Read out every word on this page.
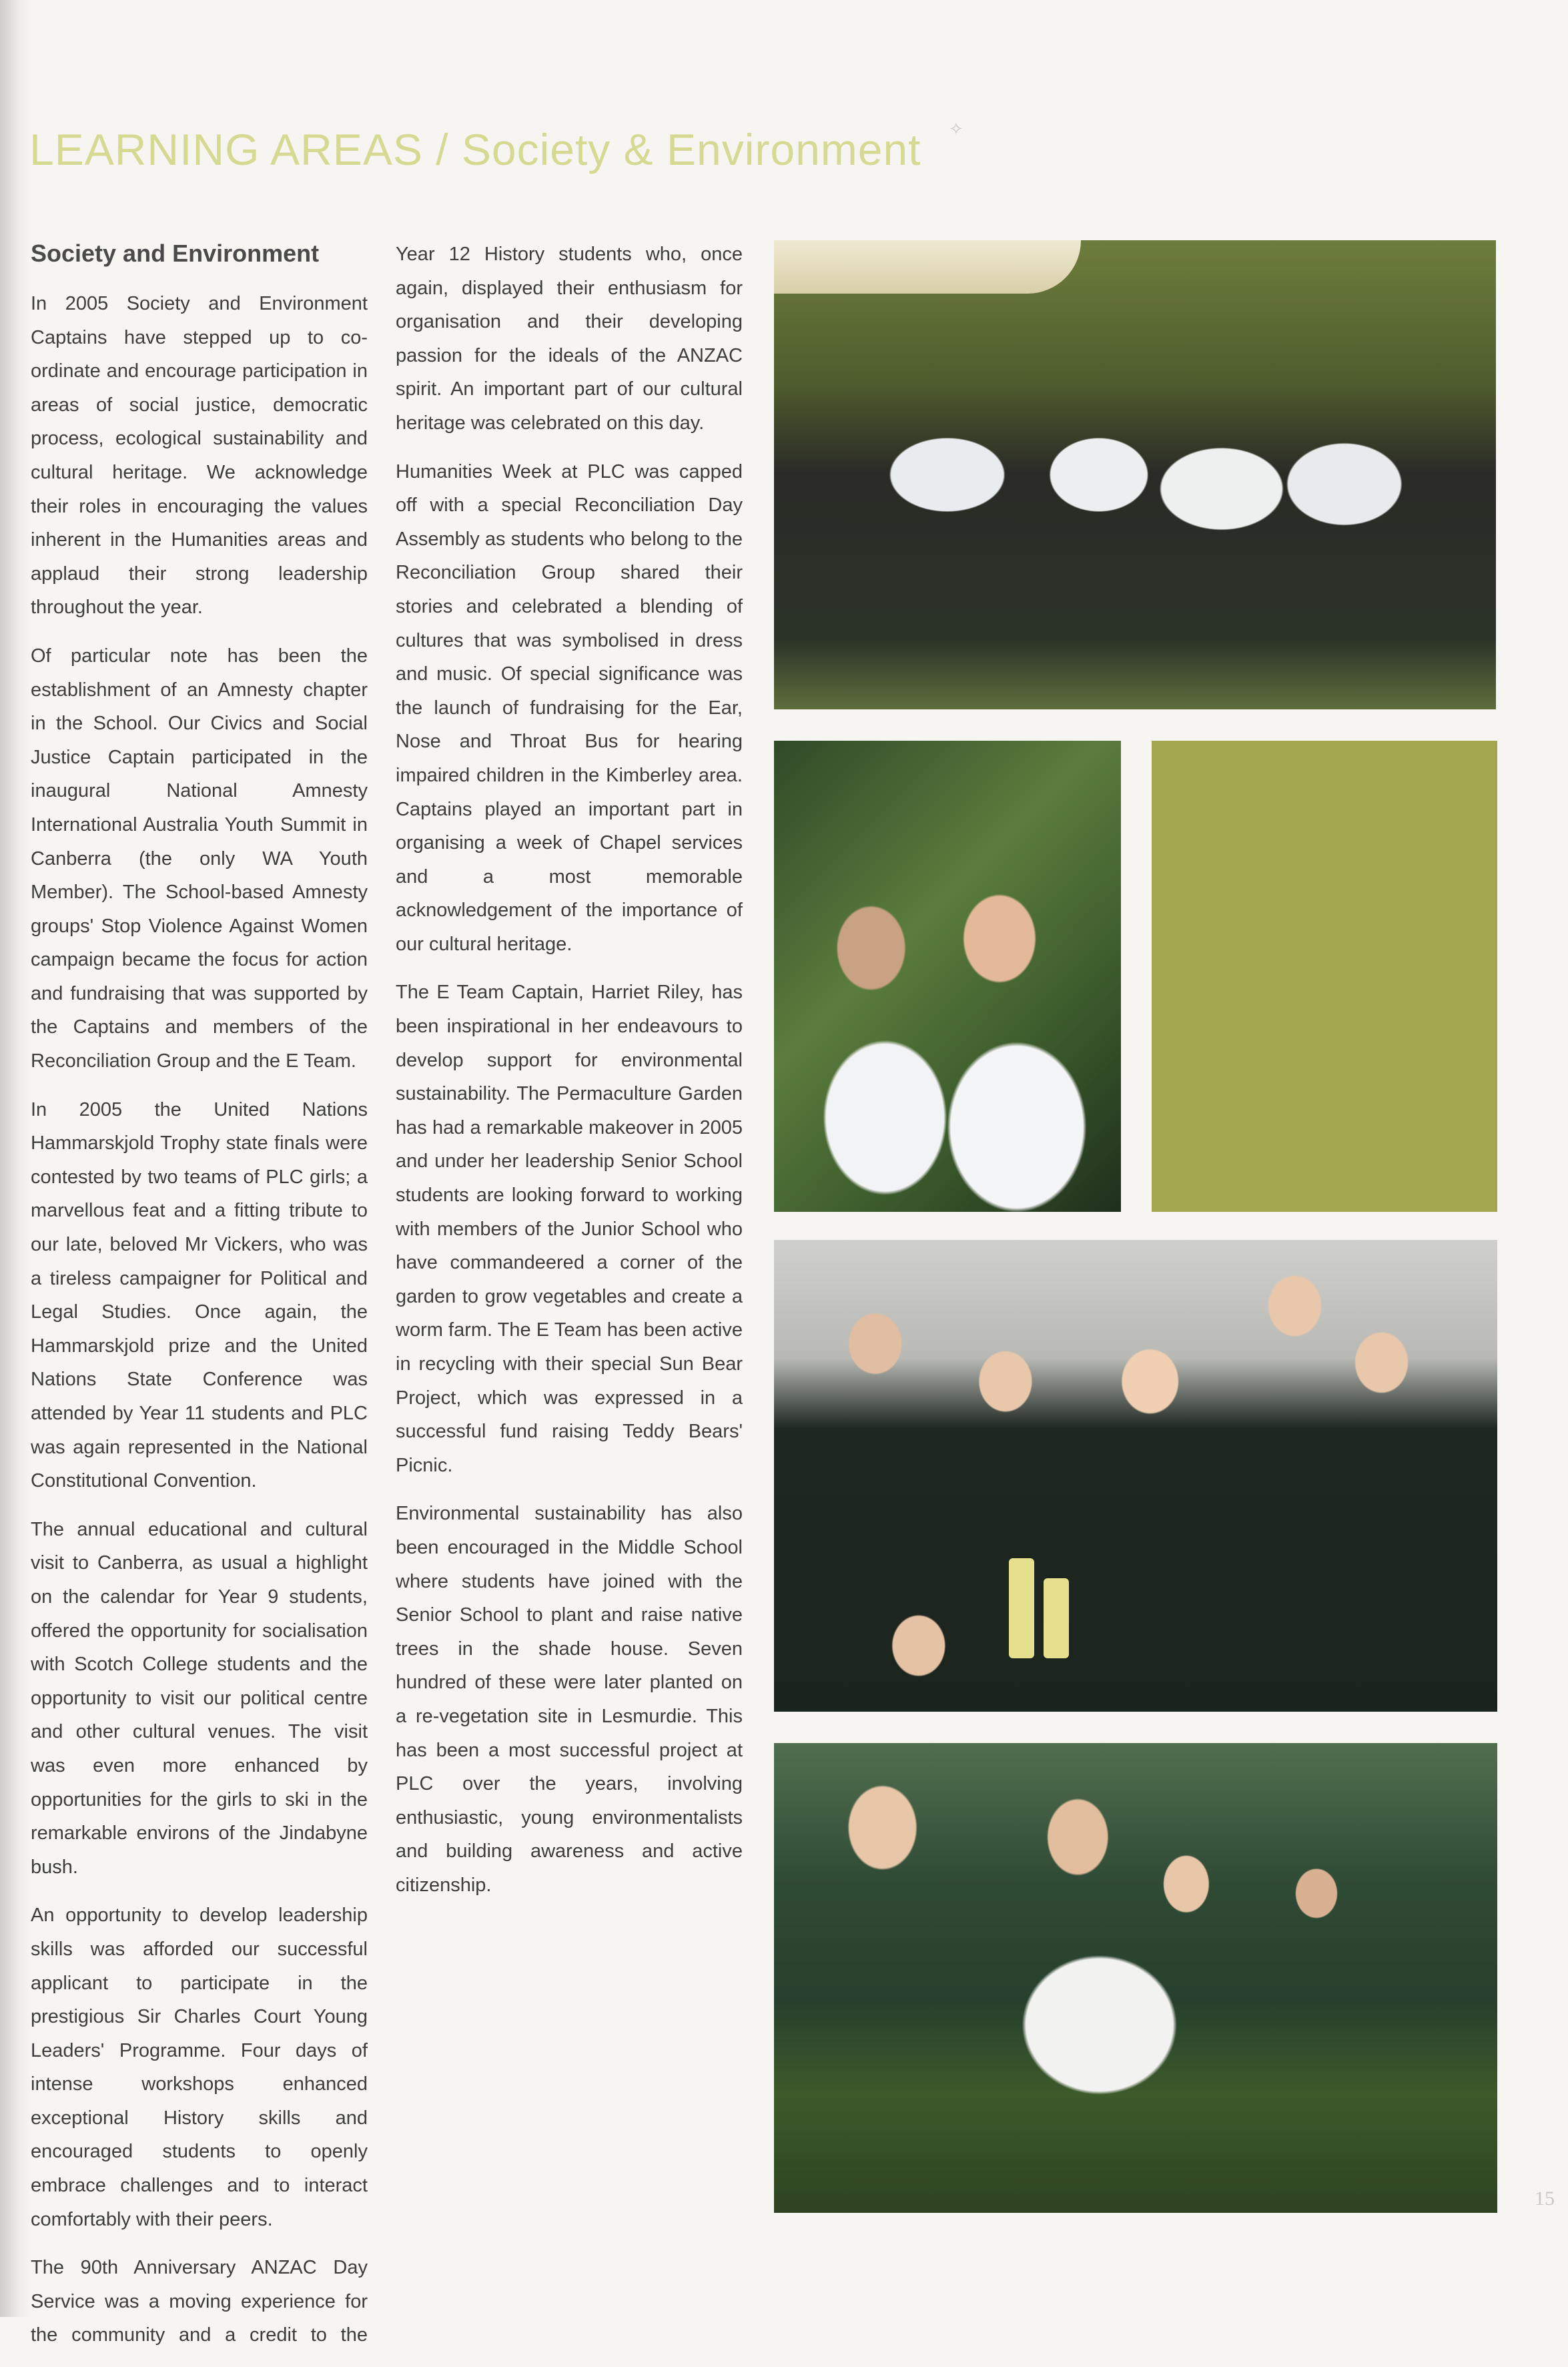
LEARNING AREAS / Society & Environment ✧
Society and Environment

In 2005 Society and Environment Captains have stepped up to co-ordinate and encourage participation in areas of social justice, democratic process, ecological sustainability and cultural heritage. We acknowledge their roles in encouraging the values inherent in the Humanities areas and applaud their strong leadership throughout the year.

Of particular note has been the establishment of an Amnesty chapter in the School. Our Civics and Social Justice Captain participated in the inaugural National Amnesty International Australia Youth Summit in Canberra (the only WA Youth Member). The School-based Amnesty groups' Stop Violence Against Women campaign became the focus for action and fundraising that was supported by the Captains and members of the Reconciliation Group and the E Team.

In 2005 the United Nations Hammarskjold Trophy state finals were contested by two teams of PLC girls; a marvellous feat and a fitting tribute to our late, beloved Mr Vickers, who was a tireless campaigner for Political and Legal Studies. Once again, the Hammarskjold prize and the United Nations State Conference was attended by Year 11 students and PLC was again represented in the National Constitutional Convention.

The annual educational and cultural visit to Canberra, as usual a highlight on the calendar for Year 9 students, offered the opportunity for socialisation with Scotch College students and the opportunity to visit our political centre and other cultural venues. The visit was even more enhanced by opportunities for the girls to ski in the remarkable environs of the Jindabyne bush.

An opportunity to develop leadership skills was afforded our successful applicant to participate in the prestigious Sir Charles Court Young Leaders' Programme. Four days of intense workshops enhanced exceptional History skills and encouraged students to openly embrace challenges and to interact comfortably with their peers.

The 90th Anniversary ANZAC Day Service was a moving experience for the community and a credit to the

Year 12 History students who, once again, displayed their enthusiasm for organisation and their developing passion for the ideals of the ANZAC spirit. An important part of our cultural heritage was celebrated on this day.

Humanities Week at PLC was capped off with a special Reconciliation Day Assembly as students who belong to the Reconciliation Group shared their stories and celebrated a blending of cultures that was symbolised in dress and music. Of special significance was the launch of fundraising for the Ear, Nose and Throat Bus for hearing impaired children in the Kimberley area. Captains played an important part in organising a week of Chapel services and a most memorable acknowledgement of the importance of our cultural heritage.

The E Team Captain, Harriet Riley, has been inspirational in her endeavours to develop support for environmental sustainability. The Permaculture Garden has had a remarkable makeover in 2005 and under her leadership Senior School students are looking forward to working with members of the Junior School who have commandeered a corner of the garden to grow vegetables and create a worm farm. The E Team has been active in recycling with their special Sun Bear Project, which was expressed in a successful fund raising Teddy Bears' Picnic.

Environmental sustainability has also been encouraged in the Middle School where students have joined with the Senior School to plant and raise native trees in the shade house. Seven hundred of these were later planted on a re-vegetation site in Lesmurdie. This has been a most successful project at PLC over the years, involving enthusiastic, young environmentalists and building awareness and active citizenship.

15
